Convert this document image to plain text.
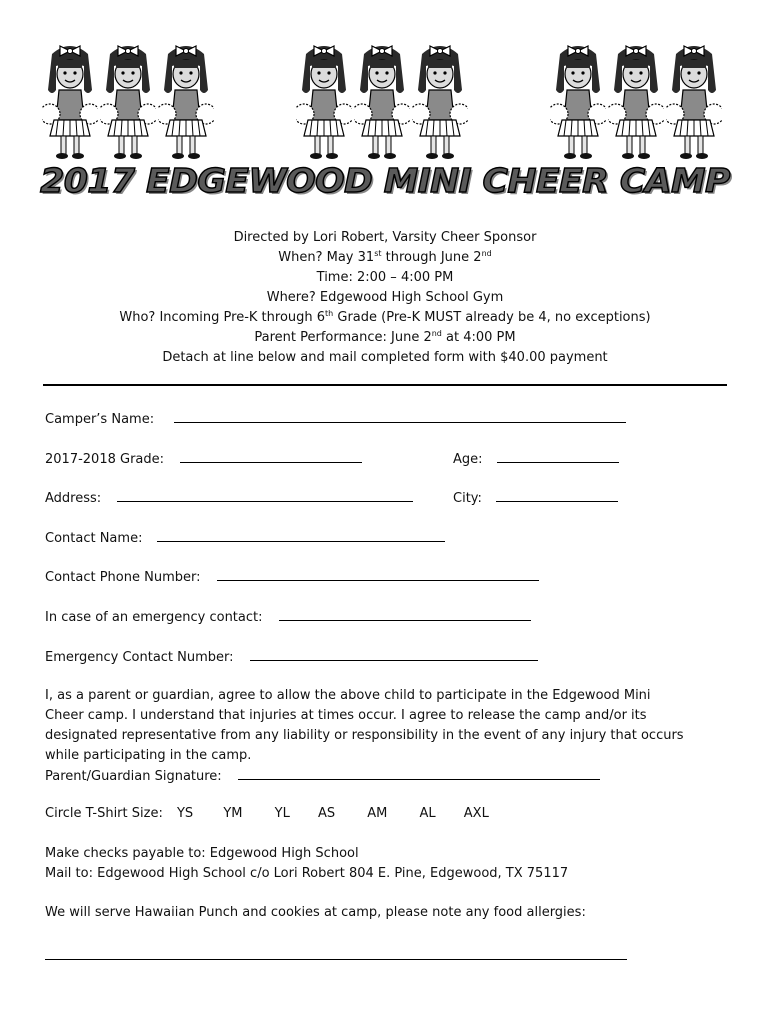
2017 EDGEWOOD MINI CHEER CAMP
Directed by Lori Robert, Varsity Cheer Sponsor
When? May 31st through June 2nd
Time: 2:00 – 4:00 PM
Where? Edgewood High School Gym
Who? Incoming Pre-K through 6th Grade (Pre-K MUST already be 4, no exceptions)
Parent Performance: June 2nd at 4:00 PM
Detach at line below and mail completed form with $40.00 payment
Camper’s Name:
2017-2018 Grade:	Age:
Address:	City:
Contact Name:
Contact Phone Number:
In case of an emergency contact:
Emergency Contact Number:
I, as a parent or guardian, agree to allow the above child to participate in the Edgewood Mini
Cheer camp. I understand that injuries at times occur. I agree to release the camp and/or its
designated representative from any liability or responsibility in the event of any injury that occurs
while participating in the camp.
Parent/Guardian Signature:
Circle T-Shirt Size: YS YM YL AS AM AL AXL
Make checks payable to: Edgewood High School
Mail to: Edgewood High School c/o Lori Robert 804 E. Pine, Edgewood, TX 75117
We will serve Hawaiian Punch and cookies at camp, please note any food allergies:
